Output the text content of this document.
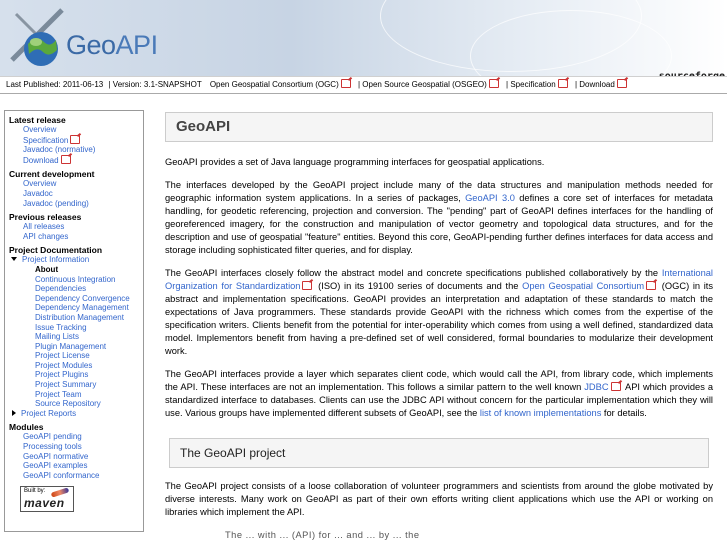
GeoAPI
Last Published: 2011-06-13 | Version: 3.1-SNAPSHOT Open Geospatial Consortium (OGC) | Open Source Geospatial (OSGEO) | Specification | Download
Latest release
Overview
Specification
Javadoc (normative)
Download
Current development
Overview
Javadoc
Javadoc (pending)
Previous releases
All releases
API changes
Project Documentation
Project Information
About
Continuous Integration
Dependencies
Dependency Convergence
Dependency Management
Distribution Management
Issue Tracking
Mailing Lists
Plugin Management
Project License
Project Modules
Project Plugins
Project Summary
Project Team
Source Repository
Project Reports
Modules
GeoAPI pending
Processing tools
GeoAPI normative
GeoAPI examples
GeoAPI conformance
Built by:
maven
GeoAPI

GeoAPI provides a set of Java language programming interfaces for geospatial applications.

The interfaces developed by the GeoAPI project include many of the data structures and manipulation methods needed for geographic information system applications. In a series of packages, GeoAPI 3.0 defines a core set of interfaces for metadata handling, for geodetic referencing, projection and conversion. The "pending" part of GeoAPI defines interfaces for the handling of georeferenced imagery, for the construction and manipulation of vector geometry and topological data structures, and for the description and use of geospatial "feature" entities. Beyond this core, GeoAPI-pending further defines interfaces for data access and storage including sophisticated filter queries, and for display.

The GeoAPI interfaces closely follow the abstract model and concrete specifications published collaboratively by the International Organization for Standardization (ISO) in its 19100 series of documents and the Open Geospatial Consortium (OGC) in its abstract and implementation specifications. GeoAPI provides an interpretation and adaptation of these standards to match the expectations of Java programmers. These standards provide GeoAPI with the richness which comes from the expertise of the specification writers. Clients benefit from the potential for inter-operability which comes from using a well defined, standardized data model. Implementors benefit from having a pre-defined set of well considered, formal boundaries to modularize their development work.

The GeoAPI interfaces provide a layer which separates client code, which would call the API, from library code, which implements the API. These interfaces are not an implementation. This follows a similar pattern to the well known JDBC API which provides a standardized interface to databases. Clients can use the JDBC API without concern for the particular implementation which they will use. Various groups have implemented different subsets of GeoAPI, see the list of known implementations for details.

The GeoAPI project

The GeoAPI project consists of a loose collaboration of volunteer programmers and scientists from around the globe motivated by diverse interests. Many work on GeoAPI as part of their own efforts writing client applications which use the API or working on libraries which implement the API.

The ... with ... (API) for ... and ... by ... the
